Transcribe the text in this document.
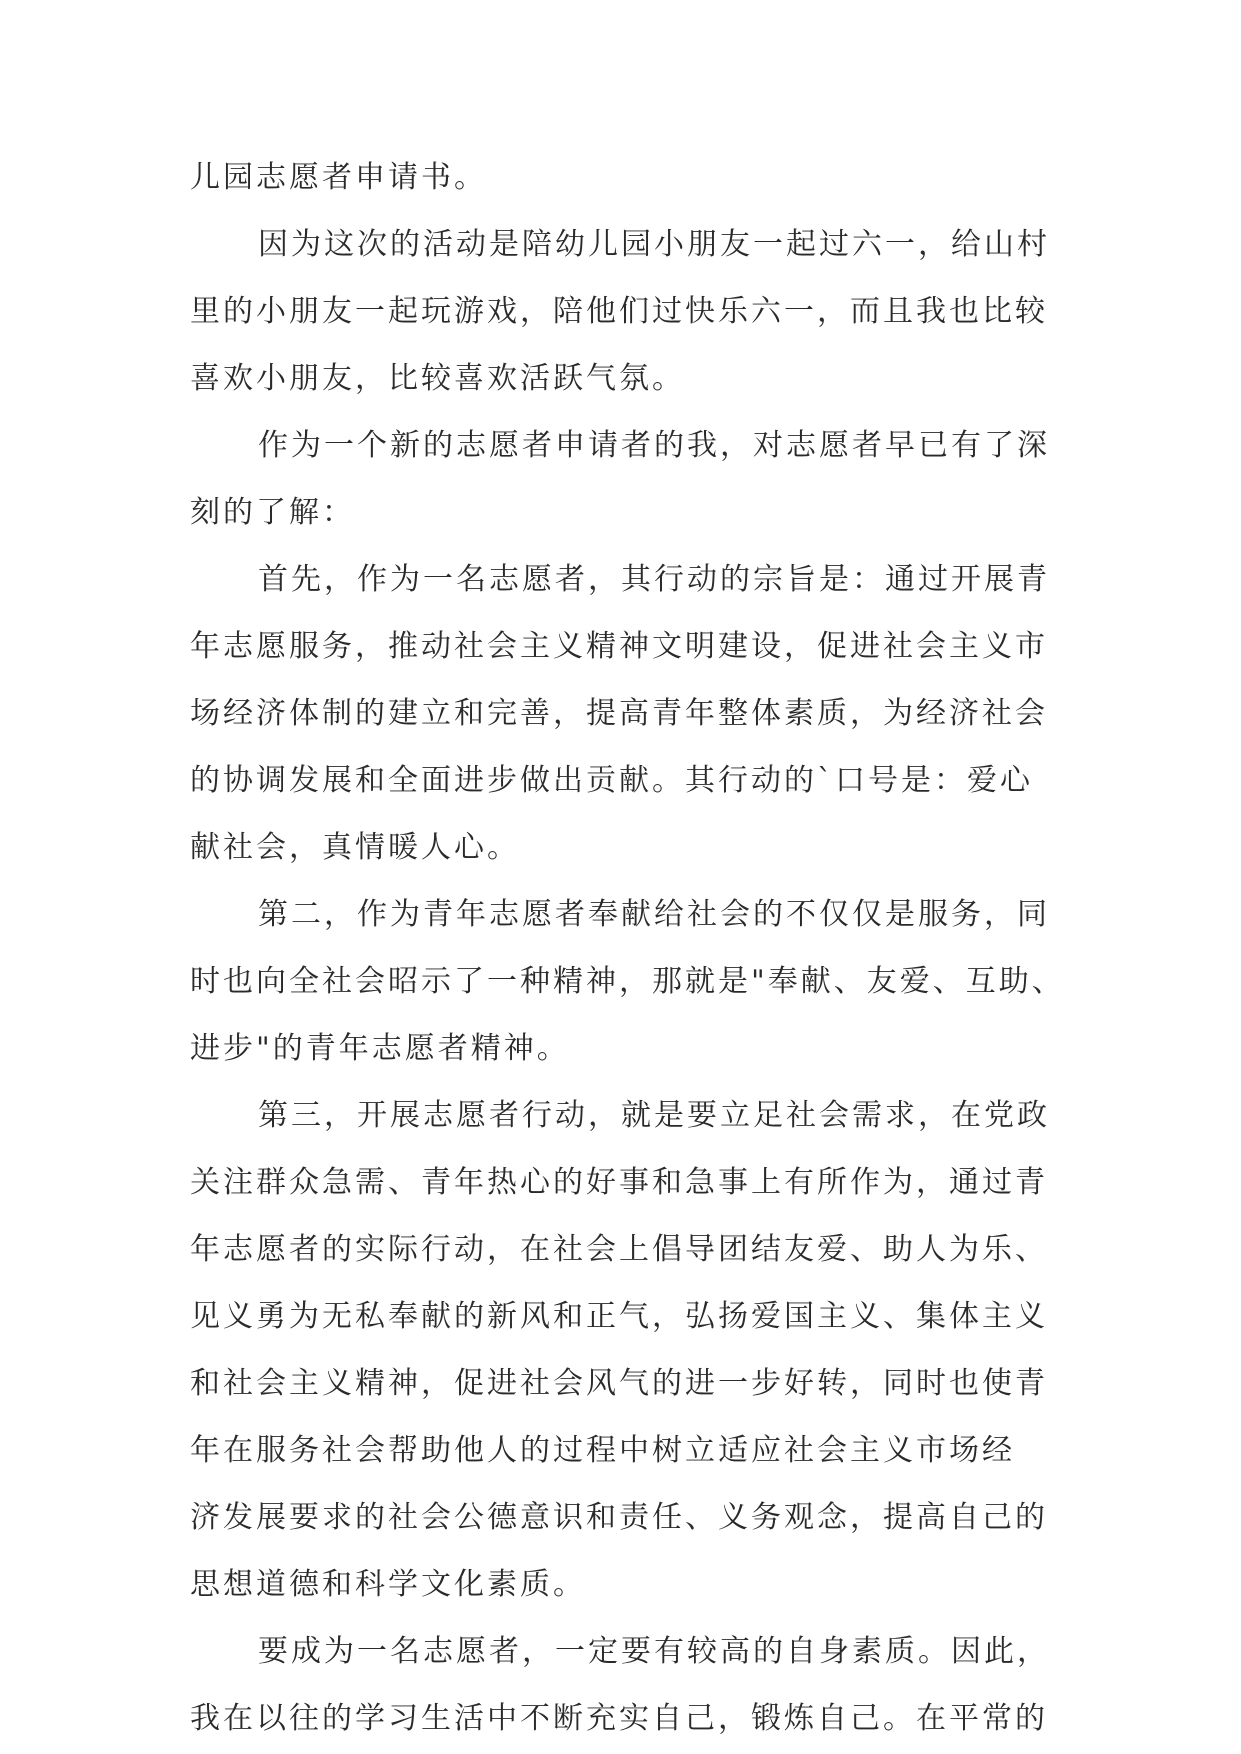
儿园志愿者申请书。
因为这次的活动是陪幼儿园小朋友一起过六一，给山村
里的小朋友一起玩游戏，陪他们过快乐六一，而且我也比较
喜欢小朋友，比较喜欢活跃气氛。
作为一个新的志愿者申请者的我，对志愿者早已有了深
刻的了解：
首先，作为一名志愿者，其行动的宗旨是：通过开展青
年志愿服务，推动社会主义精神文明建设，促进社会主义市
场经济体制的建立和完善，提高青年整体素质，为经济社会
的协调发展和全面进步做出贡献。其行动的`口号是：爱心
献社会，真情暖人心。
第二，作为青年志愿者奉献给社会的不仅仅是服务，同
时也向全社会昭示了一种精神，那就是"奉献、友爱、互助、
进步"的青年志愿者精神。
第三，开展志愿者行动，就是要立足社会需求，在党政
关注群众急需、青年热心的好事和急事上有所作为，通过青
年志愿者的实际行动，在社会上倡导团结友爱、助人为乐、
见义勇为无私奉献的新风和正气，弘扬爱国主义、集体主义
和社会主义精神，促进社会风气的进一步好转，同时也使青
年在服务社会帮助他人的过程中树立适应社会主义市场经
济发展要求的社会公德意识和责任、义务观念，提高自己的
思想道德和科学文化素质。
要成为一名志愿者，一定要有较高的自身素质。因此，
我在以往的学习生活中不断充实自己，锻炼自己。在平常的
